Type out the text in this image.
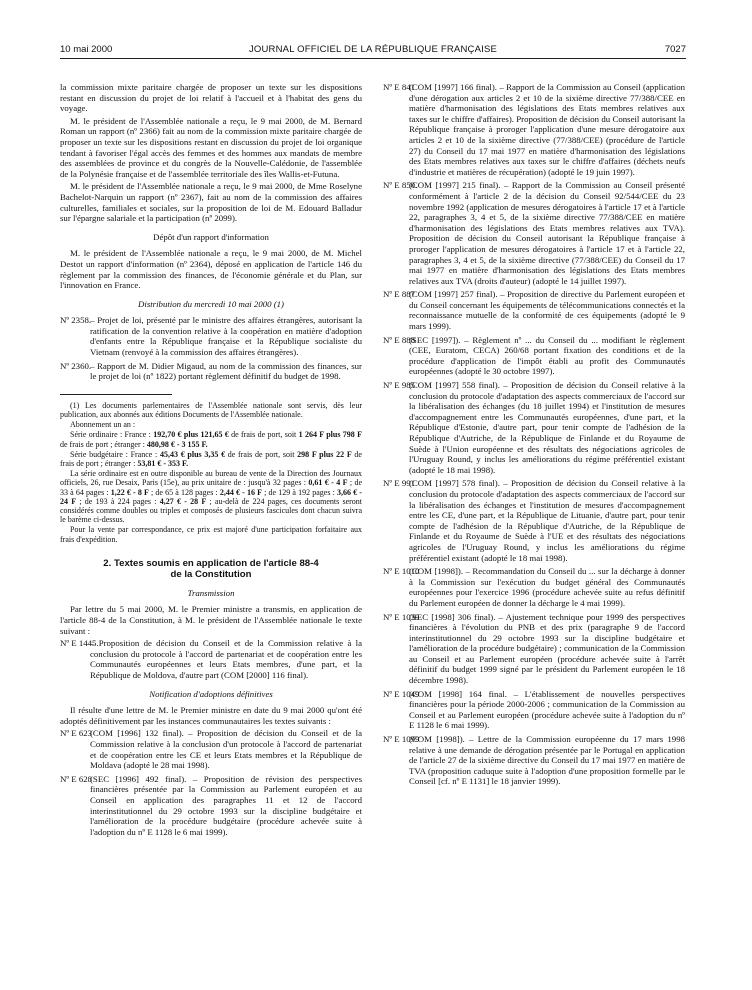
10 mai 2000	JOURNAL OFFICIEL DE LA RÉPUBLIQUE FRANÇAISE	7027

la commission mixte paritaire chargée de proposer un texte sur les dispositions restant en discussion du projet de loi relatif à l'accueil et à l'habitat des gens du voyage.

M. le président de l'Assemblée nationale a reçu, le 9 mai 2000, de M. Bernard Roman un rapport (nº 2366) fait au nom de la commission mixte paritaire chargée de proposer un texte sur les dispositions restant en discussion du projet de loi organique tendant à favoriser l'égal accès des femmes et des hommes aux mandats de membre des assemblées de province et du congrès de la Nouvelle-Calédonie, de l'assemblée de la Polynésie française et de l'assemblée territoriale des îles Wallis-et-Futuna.

M. le président de l'Assemblée nationale a reçu, le 9 mai 2000, de Mme Roselyne Bachelot-Narquin un rapport (nº 2367), fait au nom de la commission des affaires culturelles, familiales et sociales, sur la proposition de loi de M. Edouard Balladur sur l'épargne salariale et la participation (nº 2099).

Dépôt d'un rapport d'information

M. le président de l'Assemblée nationale a reçu, le 9 mai 2000, de M. Michel Destot un rapport d'information (nº 2364), déposé en application de l'article 146 du règlement par la commission des finances, de l'économie générale et du Plan, sur l'innovation en France.

Distribution du mercredi 10 mai 2000 (1)

Nº 2358.
– Projet de loi, présenté par le ministre des affaires étrangères, autorisant la ratification de la convention relative à la coopération en matière d'adoption d'enfants entre la République française et la République socialiste du Vietnam (renvoyé à la commission des affaires étrangères).
Nº 2360.
– Rapport de M. Didier Migaud, au nom de la commission des finances, sur le projet de loi (nº 1822) portant règlement définitif du budget de 1998.

(1) Les documents parlementaires de l'Assemblée nationale sont servis, dès leur publication, aux abonnés aux éditions Documents de l'Assemblée nationale.

Abonnement un an :

Série ordinaire : France : 192,70 € plus 121,65 € de frais de port, soit 1 264 F plus 798 F de frais de port ; étranger : 480,98 € - 3 155 F.

Série budgétaire : France : 45,43 € plus 3,35 € de frais de port, soit 298 F plus 22 F de frais de port ; étranger : 53,81 € - 353 F.

La série ordinaire est en outre disponible au bureau de vente de la Direction des Journaux officiels, 26, rue Desaix, Paris (15e), au prix unitaire de : jusqu'à 32 pages : 0,61 € - 4 F ; de 33 à 64 pages : 1,22 € - 8 F ; de 65 à 128 pages : 2,44 € - 16 F ; de 129 à 192 pages : 3,66 € - 24 F ; de 193 à 224 pages : 4,27 € - 28 F ; au-delà de 224 pages, ces documents seront considérés comme doubles ou triples et composés de plusieurs fascicules dont chacun suivra le barème ci-dessus.

Pour la vente par correspondance, ce prix est majoré d'une participation forfaitaire aux frais d'expédition.

2. Textes soumis en application de l'article 88-4
de la Constitution

Transmission

Par lettre du 5 mai 2000, M. le Premier ministre a transmis, en application de l'article 88-4 de la Constitution, à M. le président de l'Assemblée nationale le texte suivant :

Nº E 1445.
– Proposition de décision du Conseil et de la Commission relative à la conclusion du protocole à l'accord de partenariat et de coopération entre les Communautés européennes et leurs Etats membres, d'une part, et la République de Moldova, d'autre part (COM [2000] 116 final).

Notification d'adoptions définitives

Il résulte d'une lettre de M. le Premier ministre en date du 9 mai 2000 qu'ont été adoptés définitivement par les instances communautaires les textes suivants :

Nº E 623
(COM [1996] 132 final). – Proposition de décision du Conseil et de la Commission relative à la conclusion d'un protocole à l'accord de partenariat et de coopération entre les CE et leurs Etats membres et la République de Moldava (adopté le 28 mai 1998).
Nº E 628
(SEC [1996] 492 final). – Proposition de révision des perspectives financières présentée par la Commission au Parlement européen et au Conseil en application des paragraphes 11 et 12 de l'accord interinstitutionnel du 29 octobre 1993 sur la discipline budgétaire et l'amélioration de la procédure budgétaire (procédure achevée suite à l'adoption du nº E 1128 le 6 mai 1999).
Nº E 841
(COM [1997] 166 final). – Rapport de la Commission au Conseil (application d'une dérogation aux articles 2 et 10 de la sixième directive 77/388/CEE en matière d'harmonisation des législations des Etats membres relatives aux taxes sur le chiffre d'affaires). Proposition de décision du Conseil autorisant la République française à proroger l'application d'une mesure dérogatoire aux articles 2 et 10 de la sixième directive (77/388/CEE) (procédure de l'article 27) du Conseil du 17 mai 1977 en matière d'harmonisation des législations des Etats membres relatives aux taxes sur le chiffre d'affaires (déchets neufs d'industrie et matières de récupération) (adopté le 19 juin 1997).
Nº E 850.
(COM [1997] 215 final). – Rapport de la Commission au Conseil présenté conformément à l'article 2 de la décision du Conseil 92/544/CEE du 23 novembre 1992 (application de mesures dérogatoires à l'article 17 et à l'article 22, paragraphes 3, 4 et 5, de la sixième directive 77/388/CEE en matière d'harmonisation des législations des Etats membres relatives aux TVA). Proposition de décision du Conseil autorisant la République française à proroger l'application de mesures dérogatoires à l'article 17 et à l'article 22, paragraphes 3, 4 et 5, de la sixième directive (77/388/CEE) du Conseil du 17 mai 1977 en matière d'harmonisation des législations des Etats membres relatives aux TVA (droits d'auteur) (adopté le 14 juillet 1997).
Nº E 887
(COM [1997] 257 final). – Proposition de directive du Parlement européen et du Conseil concernant les équipements de télécommunications connectés et la reconnaissance mutuelle de la conformité de ces équipements (adopté le 9 mars 1999).
Nº E 888
(SEC [1997]). – Règlement nº ... du Conseil du ... modifiant le règlement (CEE, Euratom, CECA) 260/68 portant fixation des conditions et de la procédure d'application de l'impôt établi au profit des Communautés européennes (adopté le 30 octobre 1997).
Nº E 985
(COM [1997] 558 final). – Proposition de décision du Conseil relative à la conclusion du protocole d'adaptation des aspects commerciaux de l'accord sur la libéralisation des échanges (du 18 juillet 1994) et l'institution de mesures d'accompagnement entre les Communautés européennes, d'une part, et la République d'Estonie, d'autre part, pour tenir compte de l'adhésion de la République d'Autriche, de la République de Finlande et du Royaume de Suède à l'Union européenne et des résultats des négociations agricoles de l'Uruguay Round, y inclus les améliorations du régime préférentiel existant (adopté le 18 mai 1998).
Nº E 991
(COM [1997] 578 final). – Proposition de décision du Conseil relative à la conclusion du protocole d'adaptation des aspects commerciaux de l'accord sur la libéralisation des échanges et l'institution de mesures d'accompagnement entre les CE, d'une part, et la République de Lituanie, d'autre part, pour tenir compte de l'adhésion de la République d'Autriche, de la République de Finlande et du Royaume de Suède à l'UE et des résultats des négociations agricoles de l'Uruguay Round, y inclus les améliorations du régime préférentiel existant (adopté le 18 mai 1998).
Nº E 1010
(COM [1998]). – Recommandation du Conseil du ... sur la décharge à donner à la Commission sur l'exécution du budget général des Communautés européennes pour l'exercice 1996 (procédure achevée suite au refus définitif du Parlement européen de donner la décharge le 4 mai 1999).
Nº E 1039
(SEC [1998] 306 final). – Ajustement technique pour 1999 des perspectives financières à l'évolution du PNB et des prix (paragraphe 9 de l'accord interinstitutionnel du 29 octobre 1993 sur la discipline budgétaire et l'amélioration de la procédure budgétaire) ; communication de la Commission au Conseil et au Parlement européen (procédure achevée suite à l'arrêt définitif du budget 1999 signé par le président du Parlement européen le 18 décembre 1998).
Nº E 1049
(COM [1998] 164 final. – L'établissement de nouvelles perspectives financières pour la période 2000-2006 ; communication de la Commission au Conseil et au Parlement européen (procédure achevée suite à l'adoption du nº E 1128 le 6 mai 1999).
Nº E 1099
(COM [1998]). – Lettre de la Commission européenne du 17 mars 1998 relative à une demande de dérogation présentée par le Portugal en application de l'article 27 de la sixième directive du Conseil du 17 mai 1977 en matière de TVA (proposition caduque suite à l'adoption d'une proposition formelle par le Conseil [cf. nº E 1131] le 18 janvier 1999).
